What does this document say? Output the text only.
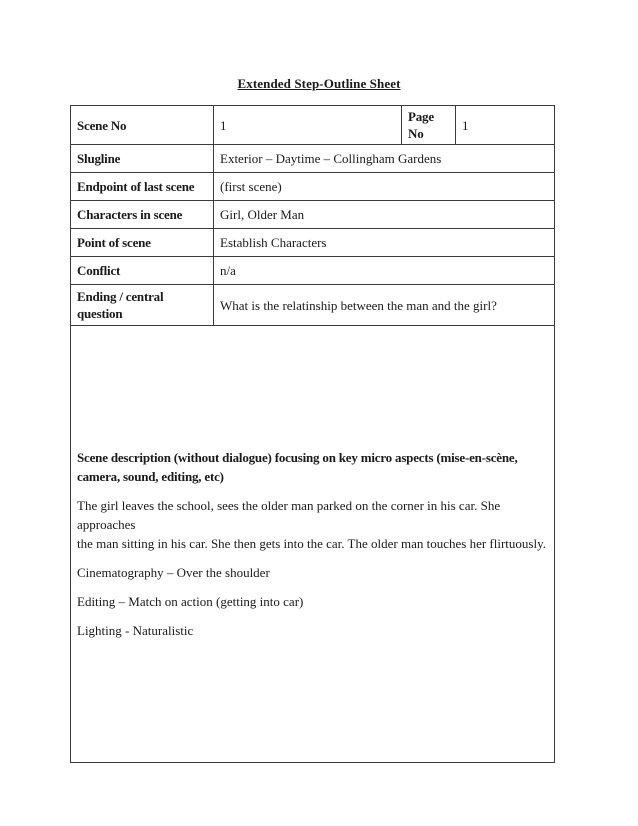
Extended Step-Outline Sheet
Scene No	1	Page No	1
Slugline	Exterior – Daytime – Collingham Gardens		
Endpoint of last scene	(first scene)		
Characters in scene	Girl, Older Man		
Point of scene	Establish Characters		
Conflict	n/a		
Ending / central question	What is the relatinship between the man and the girl?		

Scene description (without dialogue) focusing on key micro aspects (mise-en-scène,
camera, sound, editing, etc)
The girl leaves the school, sees the older man parked on the corner in his car. She approaches
the man sitting in his car. She then gets into the car. The older man touches her flirtuously.
Cinematography – Over the shoulder
Editing – Match on action (getting into car)
Lighting - Naturalistic
